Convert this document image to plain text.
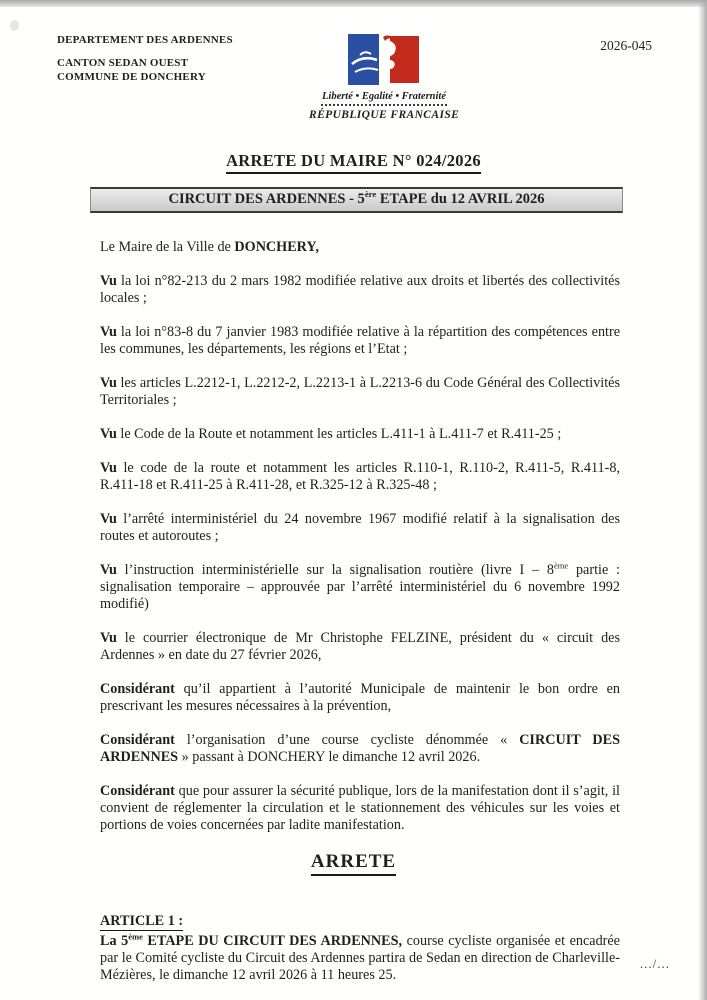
DEPARTEMENT DES ARDENNES
CANTON SEDAN OUEST
COMMUNE DE DONCHERY
Liberté • Egalité • Fraternité
RÉPUBLIQUE FRANCAISE
2026-045
ARRETE DU MAIRE N° 024/2026
CIRCUIT DES ARDENNES - 5ère ETAPE du 12 AVRIL 2026

Le Maire de la Ville de DONCHERY,

Vu la loi n°82-213 du 2 mars 1982 modifiée relative aux droits et libertés des collectivités locales ;

Vu la loi n°83-8 du 7 janvier 1983 modifiée relative à la répartition des compétences entre les communes, les départements, les régions et l’Etat ;

Vu les articles L.2212-1, L.2212-2, L.2213-1 à L.2213-6 du Code Général des Collectivités Territoriales ;

Vu le Code de la Route et notamment les articles L.411-1 à L.411-7 et R.411-25 ;

Vu le code de la route et notamment les articles R.110-1, R.110-2, R.411-5, R.411-8, R.411-18 et R.411-25 à R.411-28, et R.325-12 à R.325-48 ;

Vu l’arrêté interministériel du 24 novembre 1967 modifié relatif à la signalisation des routes et autoroutes ;

Vu l’instruction interministérielle sur la signalisation routière (livre I – 8ème partie : signalisation temporaire – approuvée par l’arrêté interministériel du 6 novembre 1992 modifié)

Vu le courrier électronique de Mr Christophe FELZINE, président du « circuit des Ardennes » en date du 27 février 2026,

Considérant qu’il appartient à l’autorité Municipale de maintenir le bon ordre en prescrivant les mesures nécessaires à la prévention,

Considérant l’organisation d’une course cycliste dénommée « CIRCUIT DES ARDENNES » passant à DONCHERY le dimanche 12 avril 2026.

Considérant que pour assurer la sécurité publique, lors de la manifestation dont il s’agit, il convient de réglementer la circulation et le stationnement des véhicules sur les voies et portions de voies concernées par ladite manifestation.

ARRETE
ARTICLE 1 :

La 5ème ETAPE DU CIRCUIT DES ARDENNES, course cycliste organisée et encadrée par le Comité cycliste du Circuit des Ardennes partira de Sedan en direction de Charleville-Mézières, le dimanche 12 avril 2026 à 11 heures 25.

.../...
